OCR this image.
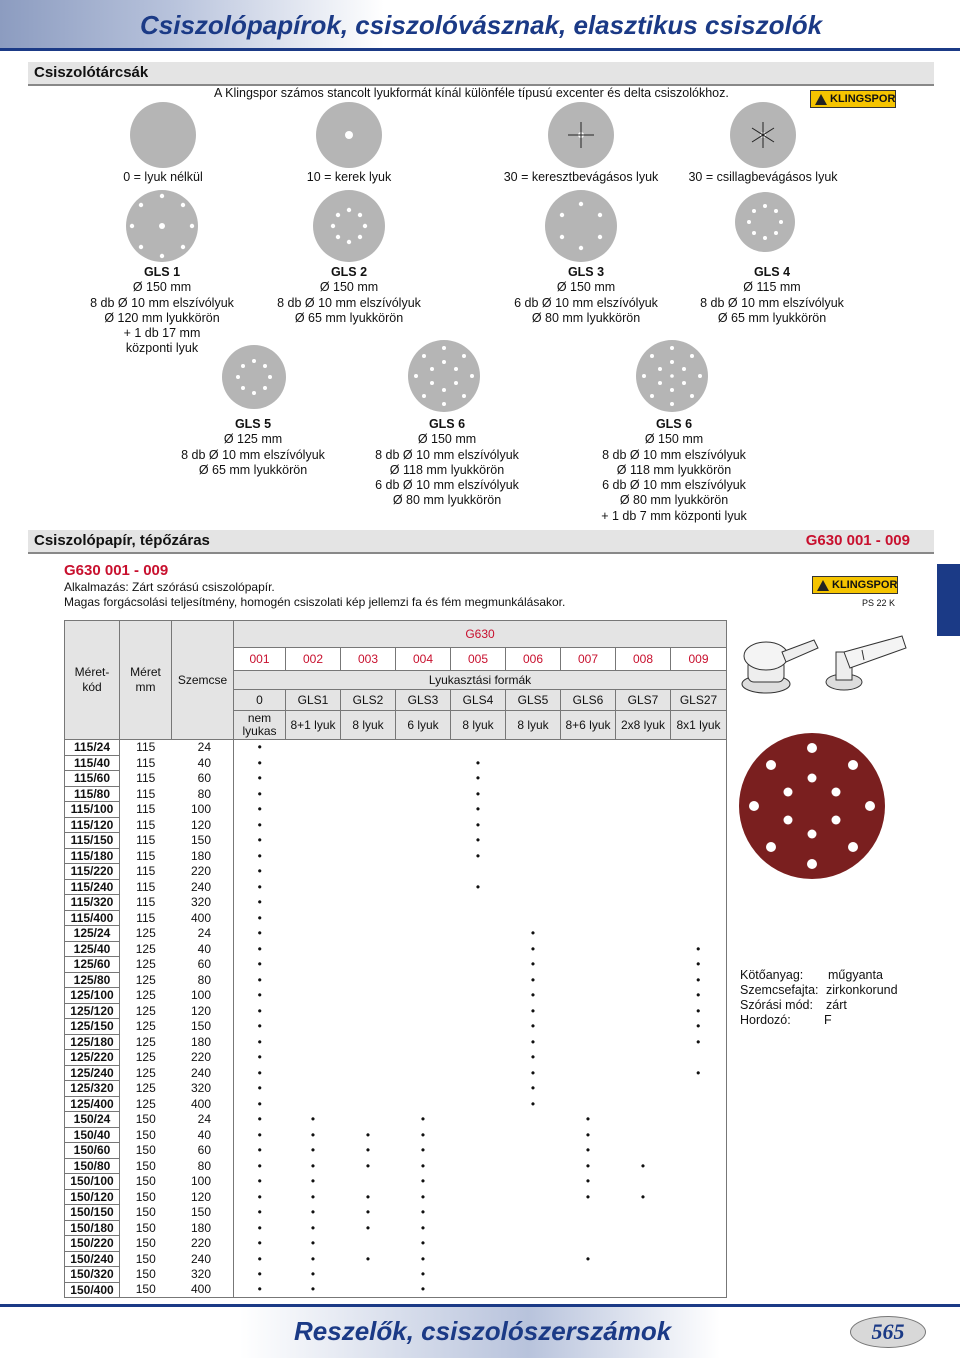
Csiszolópapírok, csiszolóvásznak, elasztikus csiszolók
Csiszolótárcsák
A Klingspor számos stancolt lyukformát kínál különféle típusú excenter és delta csiszolókhoz.	KLINGSPOR
0 = lyuk nélkül	10 = kerek lyuk	30 = keresztbevágásos lyuk	30 = csillagbevágásos lyuk
GLS 1
Ø 150 mm
8 db Ø 10 mm elszívólyuk
Ø 120 mm lyukkörön
+ 1 db 17 mm
központi lyuk
GLS 2
Ø 150 mm
8 db Ø 10 mm elszívólyuk
Ø 65 mm lyukkörön
GLS 3
Ø 150 mm
6 db Ø 10 mm elszívólyuk
Ø 80 mm lyukkörön
GLS 4
Ø 115 mm
8 db Ø 10 mm elszívólyuk
Ø 65 mm lyukkörön
GLS 5
Ø 125 mm
8 db Ø 10 mm elszívólyuk
Ø 65 mm lyukkörön
GLS 6
Ø 150 mm
8 db Ø 10 mm elszívólyuk
Ø 118 mm lyukkörön
6 db Ø 10 mm elszívólyuk
Ø 80 mm lyukkörön
GLS 6
Ø 150 mm
8 db Ø 10 mm elszívólyuk
Ø 118 mm lyukkörön
6 db Ø 10 mm elszívólyuk
Ø 80 mm lyukkörön
+ 1 db 7 mm központi lyuk
Csiszolópapír, tépőzáras	G630 001 - 009
G630 001 - 009
Alkalmazás: Zárt szórású csiszolópapír.
Magas forgácsolási teljesítmény, homogén csiszolati kép jellemzi fa és fém megmunkálásakor.
KLINGSPOR
PS 22 K
Méret-kód	Méret mm	Szemcse	G630								
			001	002	003	004	005	006	007	008	009
			Lyukasztási formák								
			0	GLS1	GLS2	GLS3	GLS4	GLS5	GLS6	GLS7	GLS27
			nem lyukas	8+1 lyuk	8 lyuk	6 lyuk	8 lyuk	8 lyuk	8+6 lyuk	2x8 lyuk	8x1 lyuk
115/24	115	24	•								
115/40	115	40	•				•				
115/60	115	60	•				•				
115/80	115	80	•				•				
115/100	115	100	•				•				
115/120	115	120	•				•				
115/150	115	150	•				•				
115/180	115	180	•				•				
115/220	115	220	•								
115/240	115	240	•				•				
115/320	115	320	•								
115/400	115	400	•								
125/24	125	24	•					•			
125/40	125	40	•					•			•
125/60	125	60	•					•			•
125/80	125	80	•					•			•
125/100	125	100	•					•			•
125/120	125	120	•					•			•
125/150	125	150	•					•			•
125/180	125	180	•					•			•
125/220	125	220	•					•			
125/240	125	240	•					•			•
125/320	125	320	•					•			
125/400	125	400	•					•			
150/24	150	24	•	•		•			•		
150/40	150	40	•	•	•	•			•		
150/60	150	60	•	•	•	•			•		
150/80	150	80	•	•	•	•			•	•	
150/100	150	100	•	•		•			•		
150/120	150	120	•	•	•	•			•	•	
150/150	150	150	•	•	•	•					
150/180	150	180	•	•	•	•					
150/220	150	220	•	•		•					
150/240	150	240	•	•	•	•			•		
150/320	150	320	•	•		•					
150/400	150	400	•	•		•					
Kötőanyag: műgyanta
Szemcsefajta: zirkonkorund
Szórási mód: zárt
Hordozó:	F
Reszelők, csiszolószerszámok	565
